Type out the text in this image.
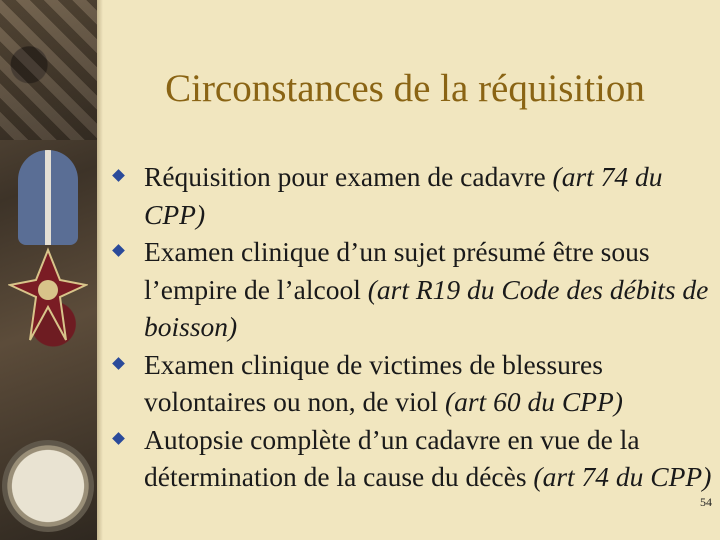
Circonstances de la réquisition
Réquisition pour examen de cadavre (art 74 du CPP)
Examen clinique d’un sujet présumé être sous l’empire de l’alcool (art R19 du Code des débits de boisson)
Examen clinique de victimes de blessures volontaires ou non, de viol (art 60 du CPP)
Autopsie complète d’un cadavre en vue de la détermination de la cause du décès (art 74 du CPP)
54
